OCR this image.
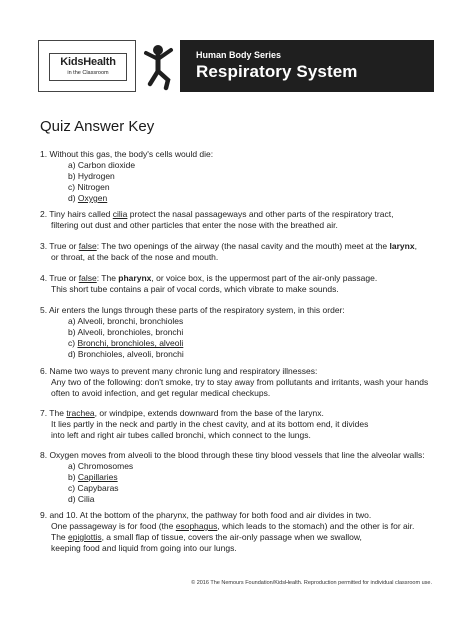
KidsHealth
in the Classroom
Human Body Series
Respiratory System
Quiz Answer Key
1. Without this gas, the body's cells would die:
a) Carbon dioxide
b) Hydrogen
c) Nitrogen
d) Oxygen
2. Tiny hairs called cilia protect the nasal passageways and other parts of the respiratory tract,
filtering out dust and other particles that enter the nose with the breathed air.
3. True or false: The two openings of the airway (the nasal cavity and the mouth) meet at the larynx,
or throat, at the back of the nose and mouth.
4. True or false: The pharynx, or voice box, is the uppermost part of the air-only passage.
This short tube contains a pair of vocal cords, which vibrate to make sounds.
5. Air enters the lungs through these parts of the respiratory system, in this order:
a) Alveoli, bronchi, bronchioles
b) Alveoli, bronchioles, bronchi
c) Bronchi, bronchioles, alveoli
d) Bronchioles, alveoli, bronchi
6. Name two ways to prevent many chronic lung and respiratory illnesses:
Any two of the following: don't smoke, try to stay away from pollutants and irritants, wash your hands
often to avoid infection, and get regular medical checkups.
7. The trachea, or windpipe, extends downward from the base of the larynx.
It lies partly in the neck and partly in the chest cavity, and at its bottom end, it divides
into left and right air tubes called bronchi, which connect to the lungs.
8. Oxygen moves from alveoli to the blood through these tiny blood vessels that line the alveolar walls:
a) Chromosomes
b) Capillaries
c) Capybaras
d) Cilia
9. and 10. At the bottom of the pharynx, the pathway for both food and air divides in two.
One passageway is for food (the esophagus, which leads to the stomach) and the other is for air.
The epiglottis, a small flap of tissue, covers the air-only passage when we swallow,
keeping food and liquid from going into our lungs.
© 2016 The Nemours Foundation/KidsHealth. Reproduction permitted for individual classroom use.
